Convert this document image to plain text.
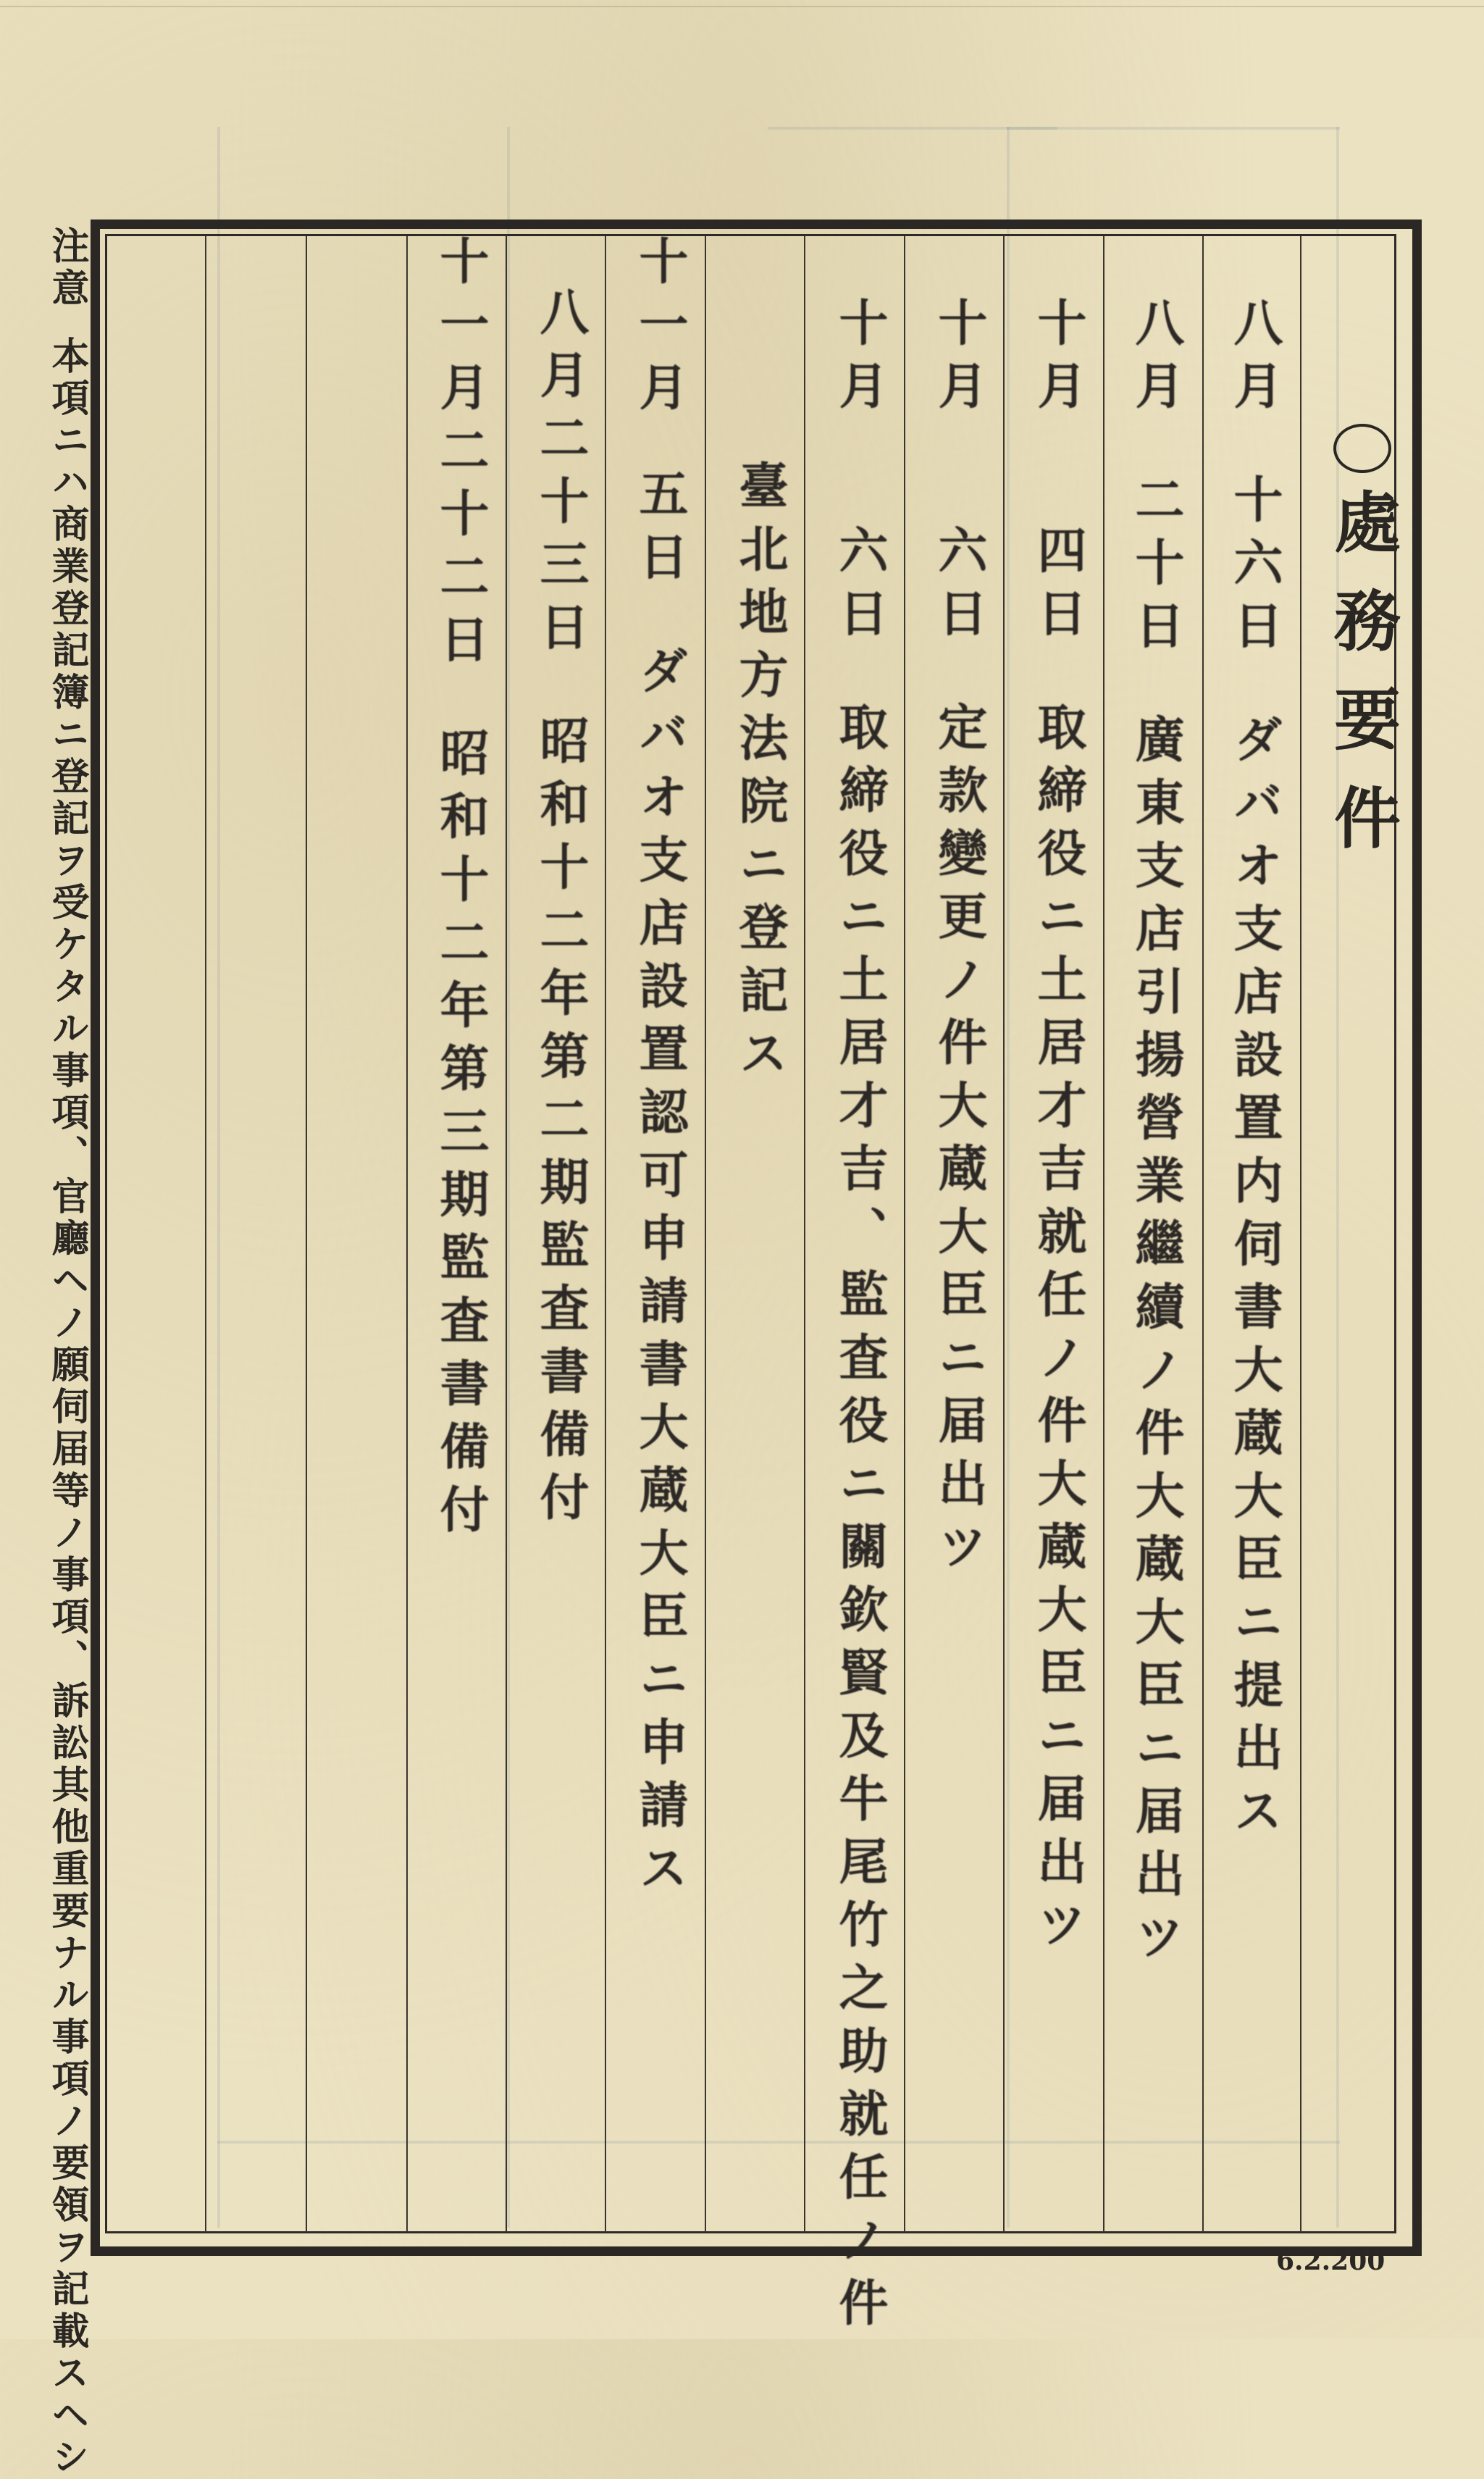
處務要件
八月十六日ダバオ支店設置内伺書大蔵大臣ニ提出ス
八月二十日廣東支店引揚營業繼續ノ件大蔵大臣ニ届出ツ
十月四日取締役ニ土居才吉就任ノ件大蔵大臣ニ届出ツ
十月六日定款變更ノ件大蔵大臣ニ届出ツ
十月六日取締役ニ土居才吉、監査役ニ關欽賢及牛尾竹之助就任ノ件
臺北地方法院ニ登記ス
十一月五日ダバオ支店設置認可申請書大蔵大臣ニ申請ス
八月二十三日昭和十二年第二期監査書備付
十一月二十二日昭和十二年第三期監査書備付
注意本項ニハ商業登記簿ニ登記ヲ受ケタル事項、官廳ヘノ願伺届等ノ事項、訴訟其他重要ナル事項ノ要領ヲ記載スヘシ	6.2.200
